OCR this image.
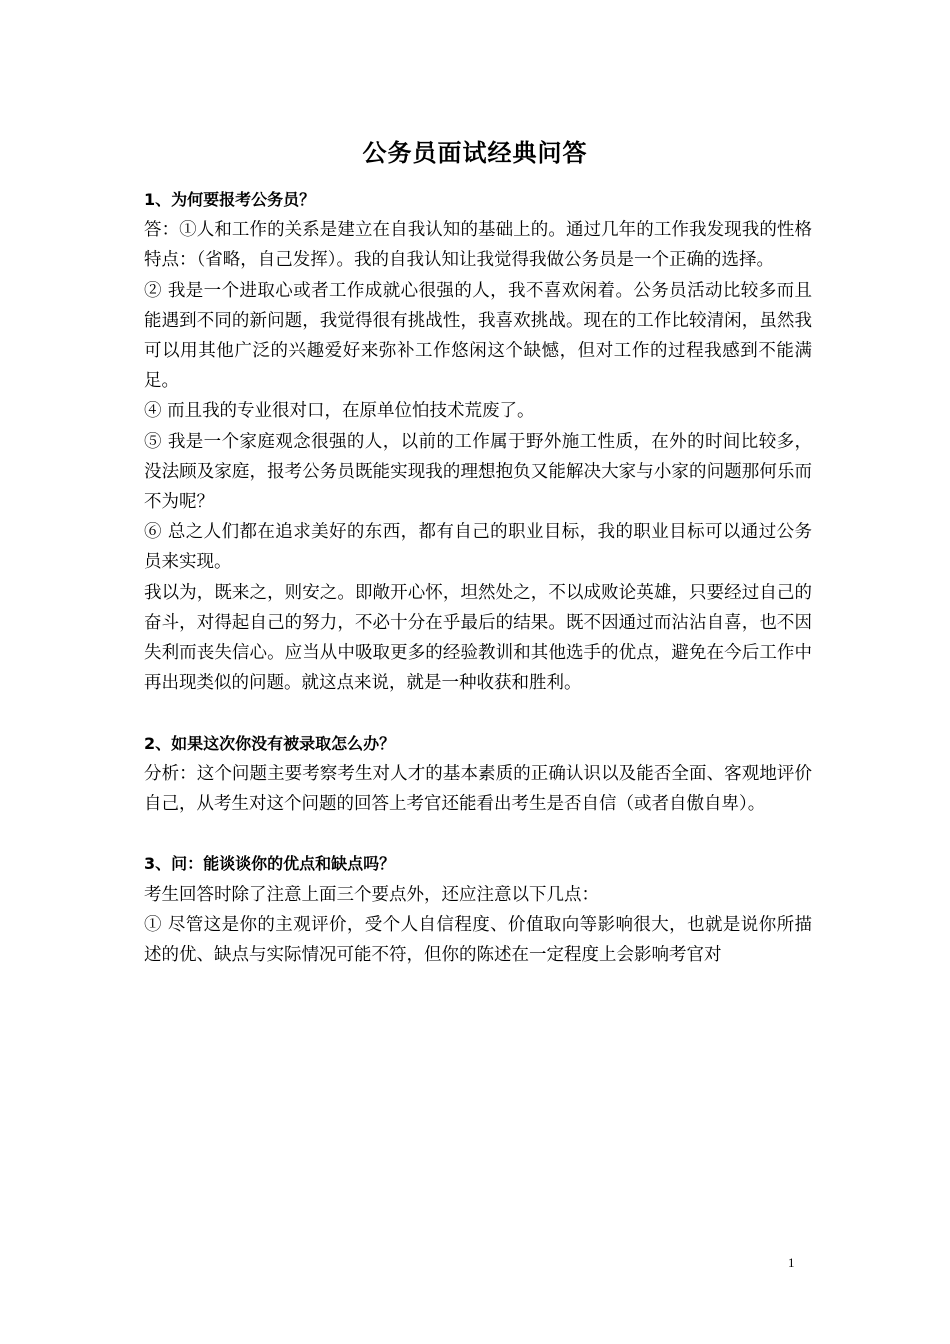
公务员面试经典问答
1、为何要报考公务员？

答：①人和工作的关系是建立在自我认知的基础上的。通过几年的工作我发现我的性格特点：（省略，自己发挥）。我的自我认知让我觉得我做公务员是一个正确的选择。

② 我是一个进取心或者工作成就心很强的人，我不喜欢闲着。公务员活动比较多而且能遇到不同的新问题，我觉得很有挑战性，我喜欢挑战。现在的工作比较清闲，虽然我可以用其他广泛的兴趣爱好来弥补工作悠闲这个缺憾，但对工作的过程我感到不能满足。

④ 而且我的专业很对口，在原单位怕技术荒废了。

⑤ 我是一个家庭观念很强的人，以前的工作属于野外施工性质，在外的时间比较多，没法顾及家庭，报考公务员既能实现我的理想抱负又能解决大家与小家的问题那何乐而不为呢？

⑥ 总之人们都在追求美好的东西，都有自己的职业目标，我的职业目标可以通过公务员来实现。

我以为，既来之，则安之。即敞开心怀，坦然处之，不以成败论英雄，只要经过自己的奋斗，对得起自己的努力，不必十分在乎最后的结果。既不因通过而沾沾自喜，也不因失利而丧失信心。应当从中吸取更多的经验教训和其他选手的优点，避免在今后工作中再出现类似的问题。就这点来说，就是一种收获和胜利。

2、如果这次你没有被录取怎么办？

分析：这个问题主要考察考生对人才的基本素质的正确认识以及能否全面、客观地评价自己，从考生对这个问题的回答上考官还能看出考生是否自信（或者自傲自卑）。

3、问：能谈谈你的优点和缺点吗？

考生回答时除了注意上面三个要点外，还应注意以下几点：

① 尽管这是你的主观评价，受个人自信程度、价值取向等影响很大，也就是说你所描述的优、缺点与实际情况可能不符，但你的陈述在一定程度上会影响考官对

1
